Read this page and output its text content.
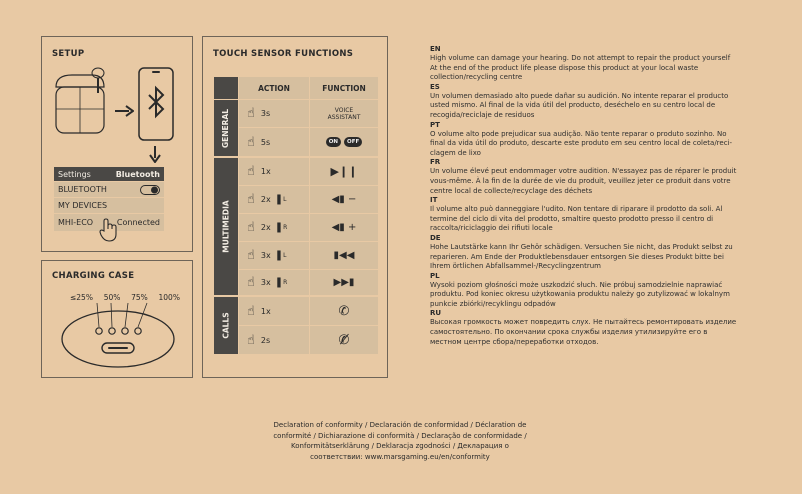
SETUP
Settings	Bluetooth
BLUETOOTH
MY DEVICES
MHI-ECO	Connected
CHARGING CASE
≤25% 50% 75% 100%
TOUCH SENSOR FUNCTIONS
ACTION	FUNCTION
GENERAL
MULTIMEDIA
CALLS
☝ 3s	VOICE ASSISTANT
☝ 5s	ON	OFF
☝ 1x	▶❙❙
☝ 2x ❚ L	◀▮ −
☝ 2x ❚ R	◀▮ +
☝ 3x ❚ L	▮◀◀
☝ 3x ❚ R	▶▶▮
☝ 1x	✆
☝ 2s	✆̸
EN
High volume can damage your hearing. Do not attempt to repair the product yourself
At the end of the product life please dispose this product at your local waste
collection/recycling centre
ES
Un volumen demasiado alto puede dañar su audición. No intente reparar el producto
usted mismo. Al final de la vida útil del producto, deséchelo en su centro local de
recogida/reciclaje de residuos
PT
O volume alto pode prejudicar sua audição. Não tente reparar o produto sozinho. No
final da vida útil do produto, descarte este produto em seu centro local de coleta/reci-
clagem de lixo
FR
Un volume élevé peut endommager votre audition. N'essayez pas de réparer le produit
vous-même. À la fin de la durée de vie du produit, veuillez jeter ce produit dans votre
centre local de collecte/recyclage des déchets
IT
Il volume alto può danneggiare l'udito. Non tentare di riparare il prodotto da soli. Al
termine del ciclo di vita del prodotto, smaltire questo prodotto presso il centro di
raccolta/riciclaggio dei rifiuti locale
DE
Hohe Lautstärke kann Ihr Gehör schädigen. Versuchen Sie nicht, das Produkt selbst zu
reparieren. Am Ende der Produktlebensdauer entsorgen Sie dieses Produkt bitte bei
Ihrem örtlichen Abfallsammel-/Recyclingzentrum
PL
Wysoki poziom głośności może uszkodzić słuch. Nie próbuj samodzielnie naprawiać
produktu. Pod koniec okresu użytkowania produktu należy go zutylizować w lokalnym
punkcie zbiórki/recyklingu odpadów
RU
Высокая громкость может повредить слух. Не пытайтесь ремонтировать изделие
самостоятельно. По окончании срока службы изделия утилизируйте его в
местном центре сбора/переработки отходов.
Declaration of conformity / Declaración de conformidad / Déclaration de
conformité / Dichiarazione di conformità / Declaração de conformidade /
Konformitätserklärung / Deklaracja zgodności / Декларация о
соответствии: www.marsgaming.eu/en/conformity
